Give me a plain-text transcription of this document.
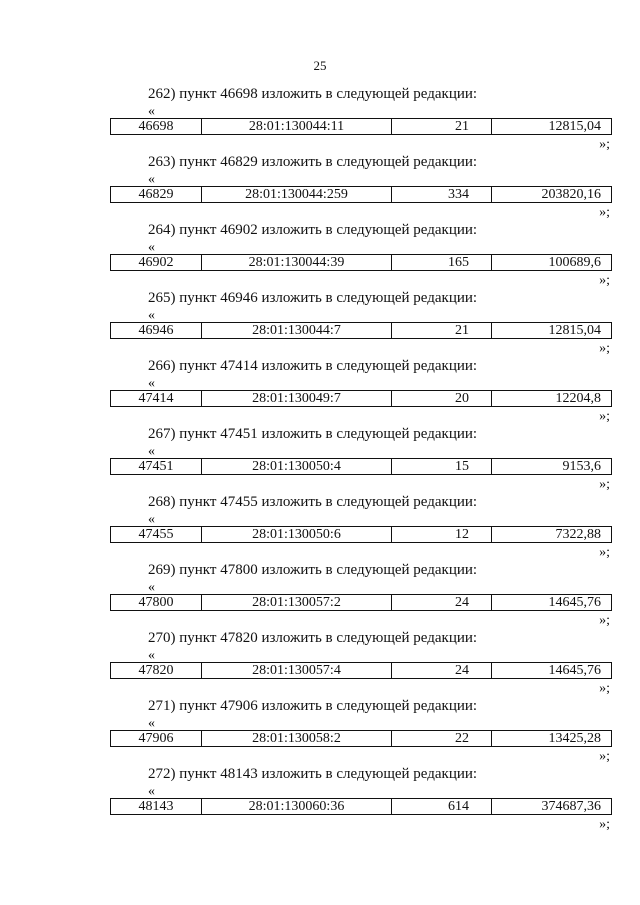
25
262) пункт 46698 изложить в следующей редакции:
«
46698	28:01:130044:11	21	12815,04
»;
263) пункт 46829 изложить в следующей редакции:
«
46829	28:01:130044:259	334	203820,16
»;
264) пункт 46902 изложить в следующей редакции:
«
46902	28:01:130044:39	165	100689,6
»;
265) пункт 46946 изложить в следующей редакции:
«
46946	28:01:130044:7	21	12815,04
»;
266) пункт 47414 изложить в следующей редакции:
«
47414	28:01:130049:7	20	12204,8
»;
267) пункт 47451 изложить в следующей редакции:
«
47451	28:01:130050:4	15	9153,6
»;
268) пункт 47455 изложить в следующей редакции:
«
47455	28:01:130050:6	12	7322,88
»;
269) пункт 47800 изложить в следующей редакции:
«
47800	28:01:130057:2	24	14645,76
»;
270) пункт 47820 изложить в следующей редакции:
«
47820	28:01:130057:4	24	14645,76
»;
271) пункт 47906 изложить в следующей редакции:
«
47906	28:01:130058:2	22	13425,28
»;
272) пункт 48143 изложить в следующей редакции:
«
48143	28:01:130060:36	614	374687,36
»;
